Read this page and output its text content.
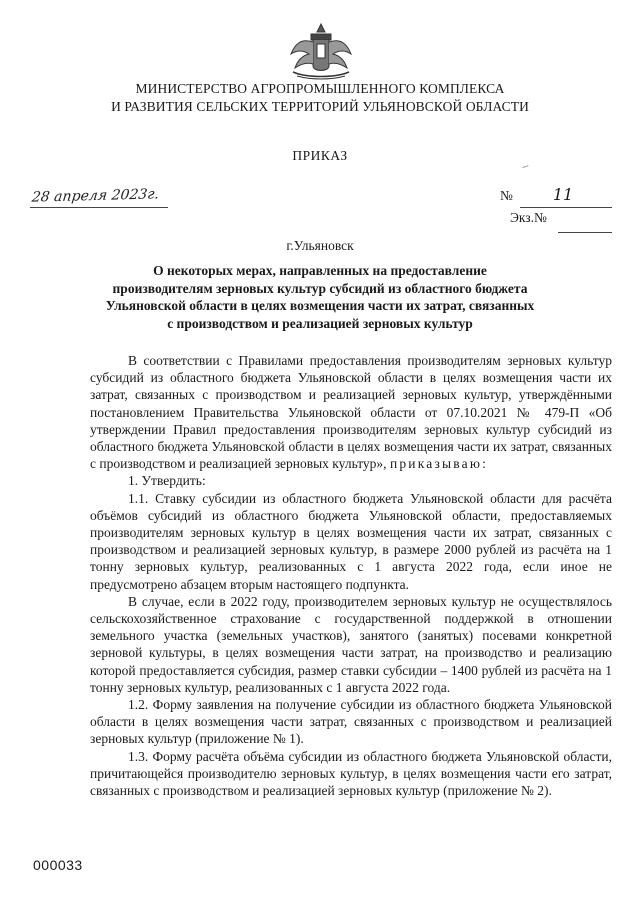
МИНИСТЕРСТВО АГРОПРОМЫШЛЕННОГО КОМПЛЕКСА
И РАЗВИТИЯ СЕЛЬСКИХ ТЕРРИТОРИЙ УЛЬЯНОВСКОЙ ОБЛАСТИ
ПРИКАЗ
28 апреля 2023г.	№	11
Экз.№
г.Ульяновск
О некоторых мерах, направленных на предоставление
производителям зерновых культур субсидий из областного бюджета
Ульяновской области в целях возмещения части их затрат, связанных
с производством и реализацией зерновых культур

В соответствии с Правилами предоставления производителям зерновых культур субсидий из областного бюджета Ульяновской области в целях возмещения части их затрат, связанных с производством и реализацией зерновых культур, утверждёнными постановлением Правительства Ульяновской области от 07.10.2021 № 479-П «Об утверждении Правил предоставления производителям зерновых культур субсидий из областного бюджета Ульяновской области в целях возмещения части их затрат, связанных с производством и реализацией зерновых культур», приказываю:

1. Утвердить:

1.1. Ставку субсидии из областного бюджета Ульяновской области для расчёта объёмов субсидий из областного бюджета Ульяновской области, предоставляемых производителям зерновых культур в целях возмещения части их затрат, связанных с производством и реализацией зерновых культур, в размере 2000 рублей из расчёта на 1 тонну зерновых культур, реализованных с 1 августа 2022 года, если иное не предусмотрено абзацем вторым настоящего подпункта.

В случае, если в 2022 году, производителем зерновых культур не осуществлялось сельскохозяйственное страхование с государственной поддержкой в отношении земельного участка (земельных участков), занятого (занятых) посевами конкретной зерновой культуры, в целях возмещения части затрат, на производство и реализацию которой предоставляется субсидия, размер ставки субсидии – 1400 рублей из расчёта на 1 тонну зерновых культур, реализованных с 1 августа 2022 года.

1.2. Форму заявления на получение субсидии из областного бюджета Ульяновской области в целях возмещения части затрат, связанных с производством и реализацией зерновых культур (приложение № 1).

1.3. Форму расчёта объёма субсидии из областного бюджета Ульяновской области, причитающейся производителю зерновых культур, в целях возмещения части его затрат, связанных с производством и реализацией зерновых культур (приложение № 2).

000033
